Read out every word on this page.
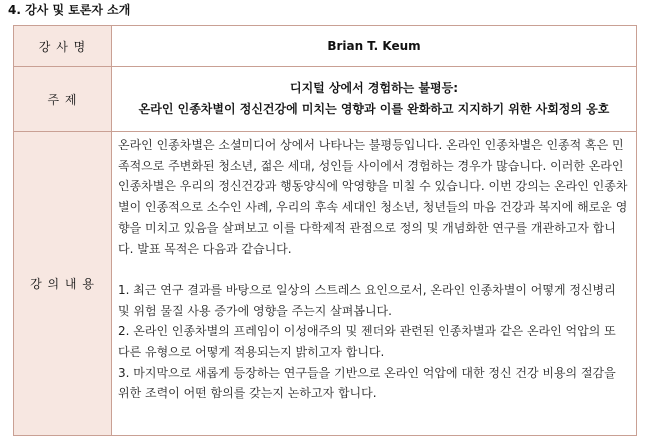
4. 강사 및 토론자 소개
강 사 명	Brian T. Keum
주 제	디지털 상에서 경험하는 불평등:
온라인 인종차별이 정신건강에 미치는 영향과 이를 완화하고 지지하기 위한 사회정의 옹호

강 의 내 용	온라인 인종차별은 소셜미디어 상에서 나타나는 불평등입니다. 온라인 인종차별은 인종적 혹은 민족적으로 주변화된 청소년, 젊은 세대, 성인들 사이에서 경험하는 경우가 많습니다. 이러한 온라인 인종차별은 우리의 정신건강과 행동양식에 악영향을 미칠 수 있습니다. 이번 강의는 온라인 인종차별이 인종적으로 소수인 사례, 우리의 후속 세대인 청소년, 청년들의 마음 건강과 복지에 해로운 영향을 미치고 있음을 살펴보고 이를 다학제적 관점으로 정의 및 개념화한 연구를 개관하고자 합니다. 발표 목적은 다음과 같습니다.
1. 최근 연구 결과를 바탕으로 일상의 스트레스 요인으로서, 온라인 인종차별이 어떻게 정신병리 및 위험 물질 사용 증가에 영향을 주는지 살펴봅니다.
2. 온라인 인종차별의 프레임이 이성애주의 및 젠더와 관련된 인종차별과 같은 온라인 억압의 또 다른 유형으로 어떻게 적용되는지 밝히고자 합니다.
3. 마지막으로 새롭게 등장하는 연구들을 기반으로 온라인 억압에 대한 정신 건강 비용의 절감을 위한 조력이 어떤 함의를 갖는지 논하고자 합니다.
